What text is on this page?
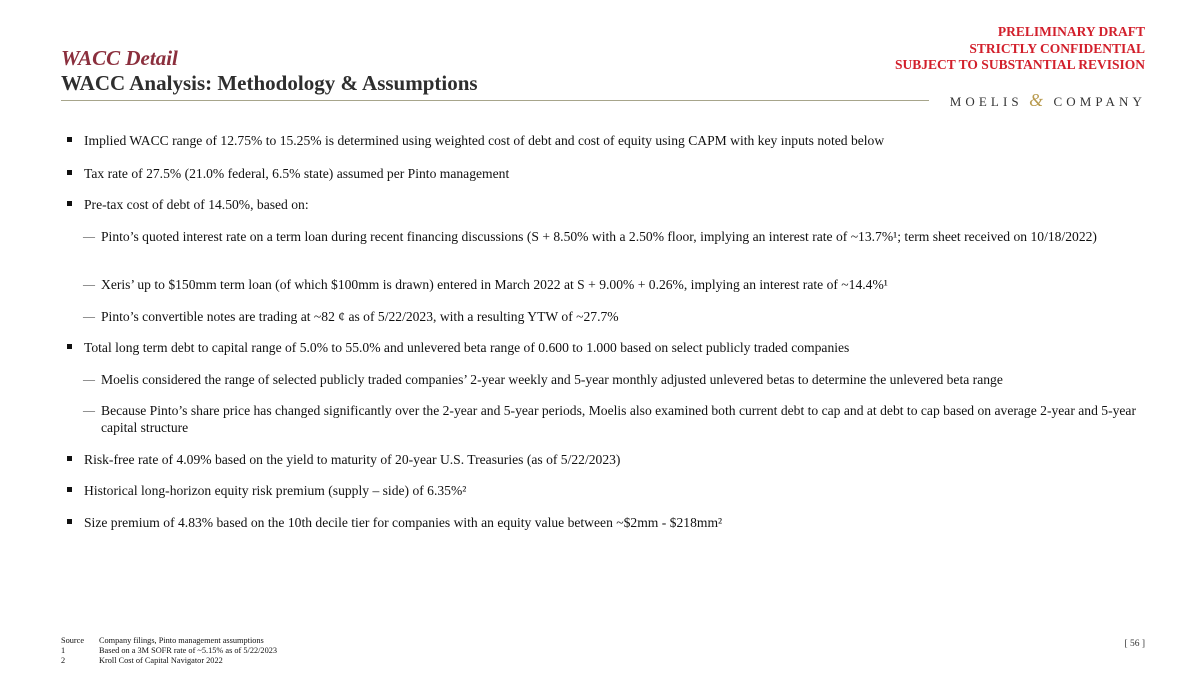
WACC Detail
WACC Analysis: Methodology & Assumptions
PRELIMINARY DRAFT
STRICTLY CONFIDENTIAL
SUBJECT TO SUBSTANTIAL REVISION
MOELIS & COMPANY
Implied WACC range of 12.75% to 15.25% is determined using weighted cost of debt and cost of equity using CAPM with key inputs noted below
Tax rate of 27.5% (21.0% federal, 6.5% state) assumed per Pinto management
Pre-tax cost of debt of 14.50%, based on:
— Pinto’s quoted interest rate on a term loan during recent financing discussions (S + 8.50% with a 2.50% floor, implying an interest rate of ~13.7%¹; term sheet received on 10/18/2022)
— Xeris’ up to $150mm term loan (of which $100mm is drawn) entered in March 2022 at S + 9.00% + 0.26%, implying an interest rate of ~14.4%¹
— Pinto’s convertible notes are trading at ~82 ¢ as of 5/22/2023, with a resulting YTW of ~27.7%
Total long term debt to capital range of 5.0% to 55.0% and unlevered beta range of 0.600 to 1.000 based on select publicly traded companies
— Moelis considered the range of selected publicly traded companies’ 2-year weekly and 5-year monthly adjusted unlevered betas to determine the unlevered beta range
— Because Pinto’s share price has changed significantly over the 2-year and 5-year periods, Moelis also examined both current debt to cap and at debt to cap based on average 2-year and 5-year capital structure
Risk-free rate of 4.09% based on the yield to maturity of 20-year U.S. Treasuries (as of 5/22/2023)
Historical long-horizon equity risk premium (supply – side) of 6.35%²
Size premium of 4.83% based on the 10th decile tier for companies with an equity value between ~$2mm - $218mm²
Source	Company filings, Pinto management assumptions
1	Based on a 3M SOFR rate of ~5.15% as of 5/22/2023
2	Kroll Cost of Capital Navigator 2022
[ 56 ]
